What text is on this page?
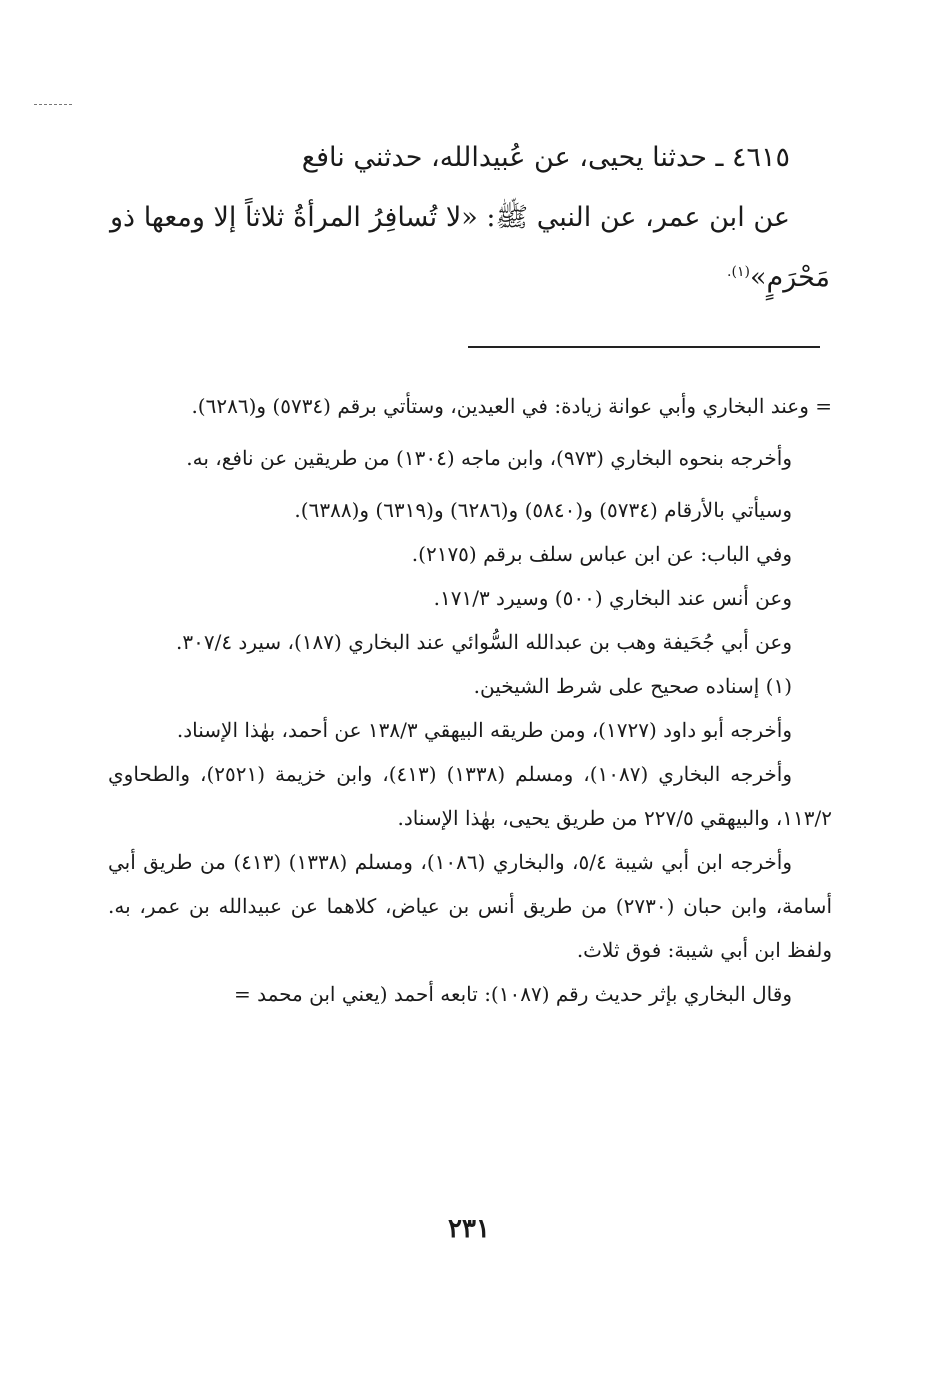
٤٦١٥ ـ حدثنا يحيى، عن عُبيدالله، حدثني نافع

عن ابن عمر، عن النبي ﷺ: «لا تُسافِرُ المرأةُ ثلاثاً إلا ومعها ذو مَحْرَمٍ»$^{(١).}$

= وعند البخاري وأبي عوانة زيادة: في العيدين، وستأتي برقم (٥٧٣٤) و(٦٢٨٦).

وأخرجه بنحوه البخاري (٩٧٣)، وابن ماجه (١٣٠٤) من طريقين عن نافع، به.

وسيأتي بالأرقام (٥٧٣٤) و(٥٨٤٠) و(٦٢٨٦) و(٦٣١٩) و(٦٣٨٨).

وفي الباب: عن ابن عباس سلف برقم (٢١٧٥).

وعن أنس عند البخاري (٥٠٠) وسيرد ١٧١/٣.

وعن أبي جُحَيفة وهب بن عبدالله السُّوائي عند البخاري (١٨٧)، سيرد ٣٠٧/٤.

(١) إسناده صحيح على شرط الشيخين.

وأخرجه أبو داود (١٧٢٧)، ومن طريقه البيهقي ١٣٨/٣ عن أحمد، بهٰذا الإسناد.

وأخرجه البخاري (١٠٨٧)، ومسلم (١٣٣٨) (٤١٣)، وابن خزيمة (٢٥٢١)، والطحاوي ١١٣/٢، والبيهقي ٢٢٧/٥ من طريق يحيى، بهٰذا الإسناد.

وأخرجه ابن أبي شيبة ٥/٤، والبخاري (١٠٨٦)، ومسلم (١٣٣٨) (٤١٣) من طريق أبي أسامة، وابن حبان (٢٧٣٠) من طريق أنس بن عياض، كلاهما عن عبيدالله بن عمر، به. ولفظ ابن أبي شيبة: فوق ثلاث.

وقال البخاري بإثر حديث رقم (١٠٨٧): تابعه أحمد (يعني ابن محمد =

٢٣١
